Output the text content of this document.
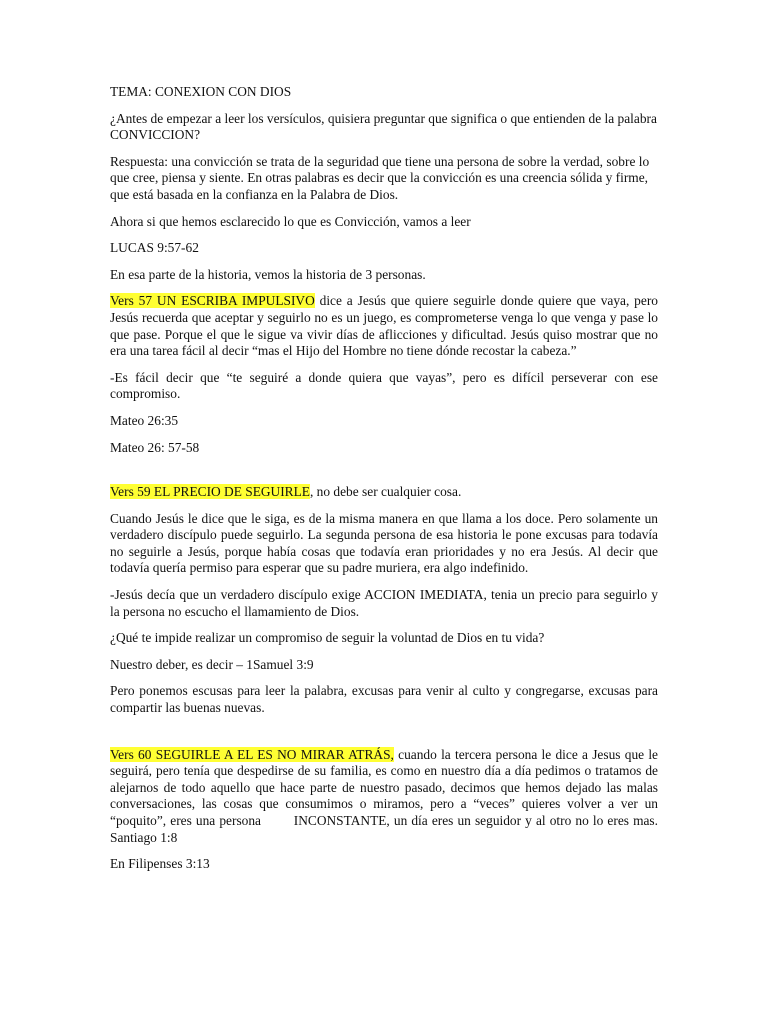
TEMA: CONEXION CON DIOS

¿Antes de empezar a leer los versículos, quisiera preguntar que significa o que entienden de la palabra CONVICCION?

Respuesta: una convicción se trata de la seguridad que tiene una persona de sobre la verdad, sobre lo que cree, piensa y siente. En otras palabras es decir que la convicción es una creencia sólida y firme, que está basada en la confianza en la Palabra de Dios.

Ahora si que hemos esclarecido lo que es Convicción, vamos a leer

LUCAS 9:57-62

En esa parte de la historia, vemos la historia de 3 personas.

Vers 57 UN ESCRIBA IMPULSIVO dice a Jesús que quiere seguirle donde quiere que vaya, pero Jesús recuerda que aceptar y seguirlo no es un juego, es comprometerse venga lo que venga y pase lo que pase. Porque el que le sigue va vivir días de aflicciones y dificultad. Jesús quiso mostrar que no era una tarea fácil al decir “mas el Hijo del Hombre no tiene dónde recostar la cabeza.”

-Es fácil decir que “te seguiré a donde quiera que vayas”, pero es difícil perseverar con ese compromiso.

Mateo 26:35

Mateo 26: 57-58

Vers 59 EL PRECIO DE SEGUIRLE, no debe ser cualquier cosa.

Cuando Jesús le dice que le siga, es de la misma manera en que llama a los doce. Pero solamente un verdadero discípulo puede seguirlo. La segunda persona de esa historia le pone excusas para todavía no seguirle a Jesús, porque había cosas que todavía eran prioridades y no era Jesús. Al decir que todavía quería permiso para esperar que su padre muriera, era algo indefinido.

-Jesús decía que un verdadero discípulo exige ACCION IMEDIATA, tenia un precio para seguirlo y la persona no escucho el llamamiento de Dios.

¿Qué te impide realizar un compromiso de seguir la voluntad de Dios en tu vida?

Nuestro deber, es decir – 1Samuel 3:9

Pero ponemos escusas para leer la palabra, excusas para venir al culto y congregarse, excusas para compartir las buenas nuevas.

Vers 60 SEGUIRLE A EL ES NO MIRAR ATRÁS, cuando la tercera persona le dice a Jesus que le seguirá, pero tenía que despedirse de su familia, es como en nuestro día a día pedimos o tratamos de alejarnos de todo aquello que hace parte de nuestro pasado, decimos que hemos dejado las malas conversaciones, las cosas que consumimos o miramos, pero a “veces” quieres volver a ver un “poquito”, eres una persona        INCONSTANTE, un día eres un seguidor y al otro no lo eres mas. Santiago 1:8

En Filipenses 3:13
